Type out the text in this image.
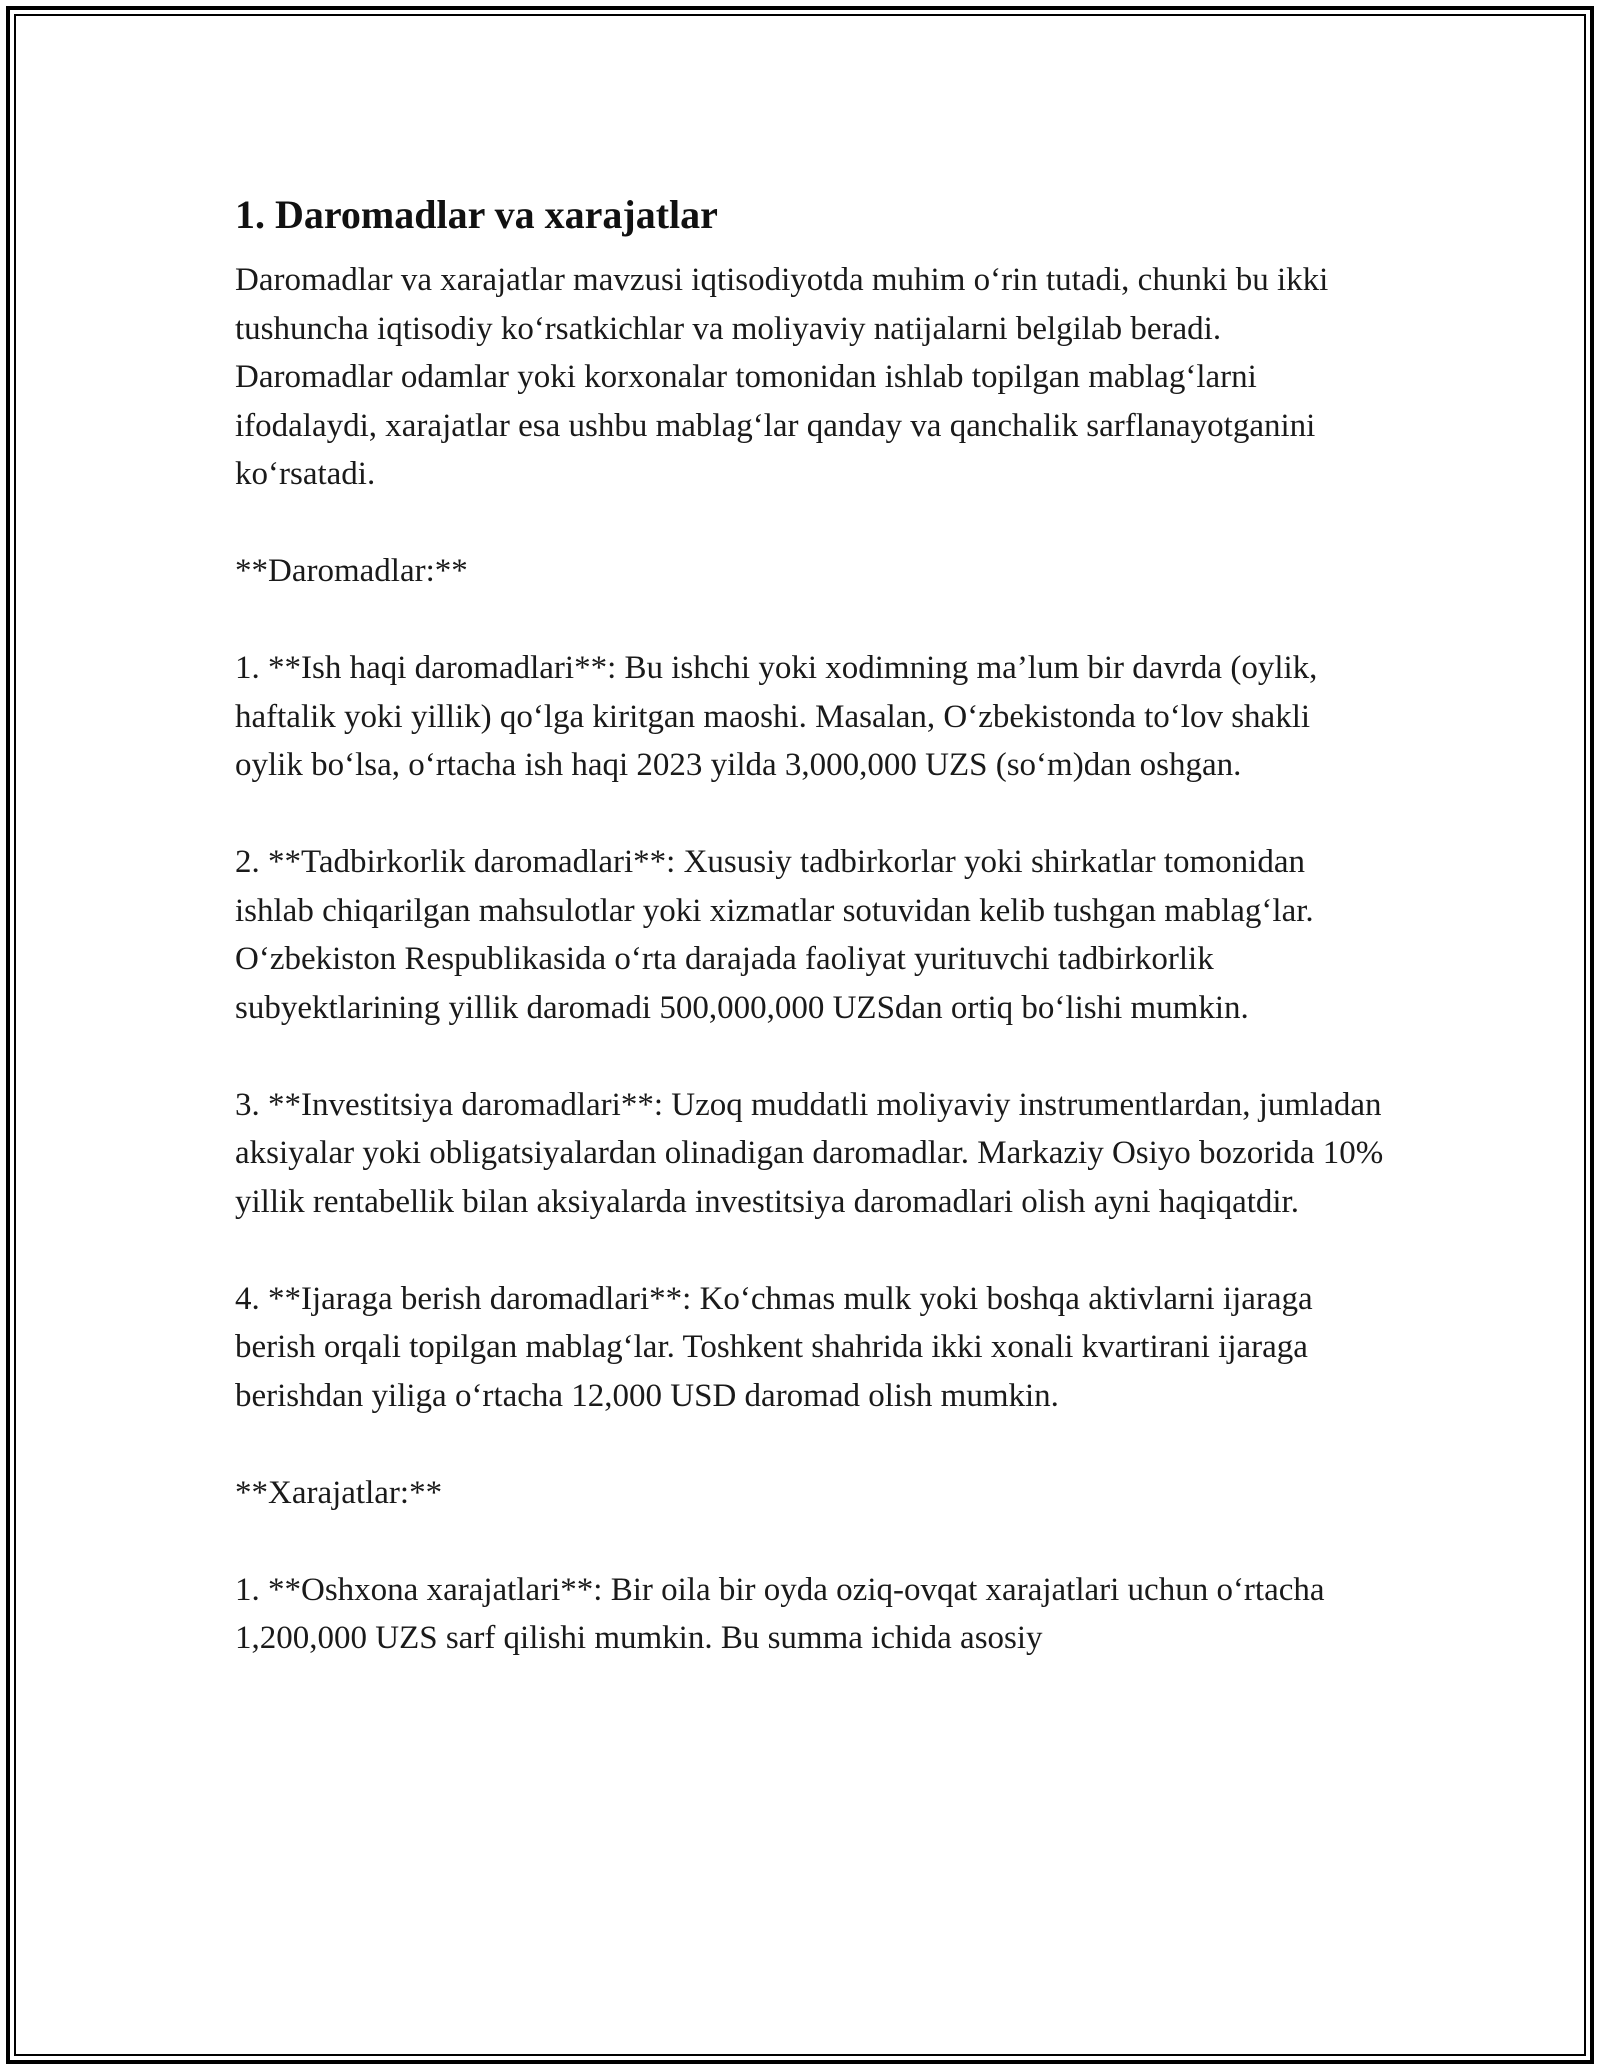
1. Daromadlar va xarajatlar

Daromadlar va xarajatlar mavzusi iqtisodiyotda muhim o‘rin tutadi, chunki bu ikki tushuncha iqtisodiy ko‘rsatkichlar va moliyaviy natijalarni belgilab beradi. Daromadlar odamlar yoki korxonalar tomonidan ishlab topilgan mablag‘larni ifodalaydi, xarajatlar esa ushbu mablag‘lar qanday va qanchalik sarflanayotganini ko‘rsatadi.

**Daromadlar:**

1. **Ish haqi daromadlari**: Bu ishchi yoki xodimning ma’lum bir davrda (oylik, haftalik yoki yillik) qo‘lga kiritgan maoshi. Masalan, O‘zbekistonda to‘lov shakli oylik bo‘lsa, o‘rtacha ish haqi 2023 yilda 3,000,000 UZS (so‘m)dan oshgan.

2. **Tadbirkorlik daromadlari**: Xususiy tadbirkorlar yoki shirkatlar tomonidan ishlab chiqarilgan mahsulotlar yoki xizmatlar sotuvidan kelib tushgan mablag‘lar. O‘zbekiston Respublikasida o‘rta darajada faoliyat yurituvchi tadbirkorlik subyektlarining yillik daromadi 500,000,000 UZSdan ortiq bo‘lishi mumkin.

3. **Investitsiya daromadlari**: Uzoq muddatli moliyaviy instrumentlardan, jumladan aksiyalar yoki obligatsiyalardan olinadigan daromadlar. Markaziy Osiyo bozorida 10% yillik rentabellik bilan aksiyalarda investitsiya daromadlari olish ayni haqiqatdir.

4. **Ijaraga berish daromadlari**: Ko‘chmas mulk yoki boshqa aktivlarni ijaraga berish orqali topilgan mablag‘lar. Toshkent shahrida ikki xonali kvartirani ijaraga berishdan yiliga o‘rtacha 12,000 USD daromad olish mumkin.

**Xarajatlar:**

1. **Oshxona xarajatlari**: Bir oila bir oyda oziq-ovqat xarajatlari uchun o‘rtacha 1,200,000 UZS sarf qilishi mumkin. Bu summa ichida asosiy
